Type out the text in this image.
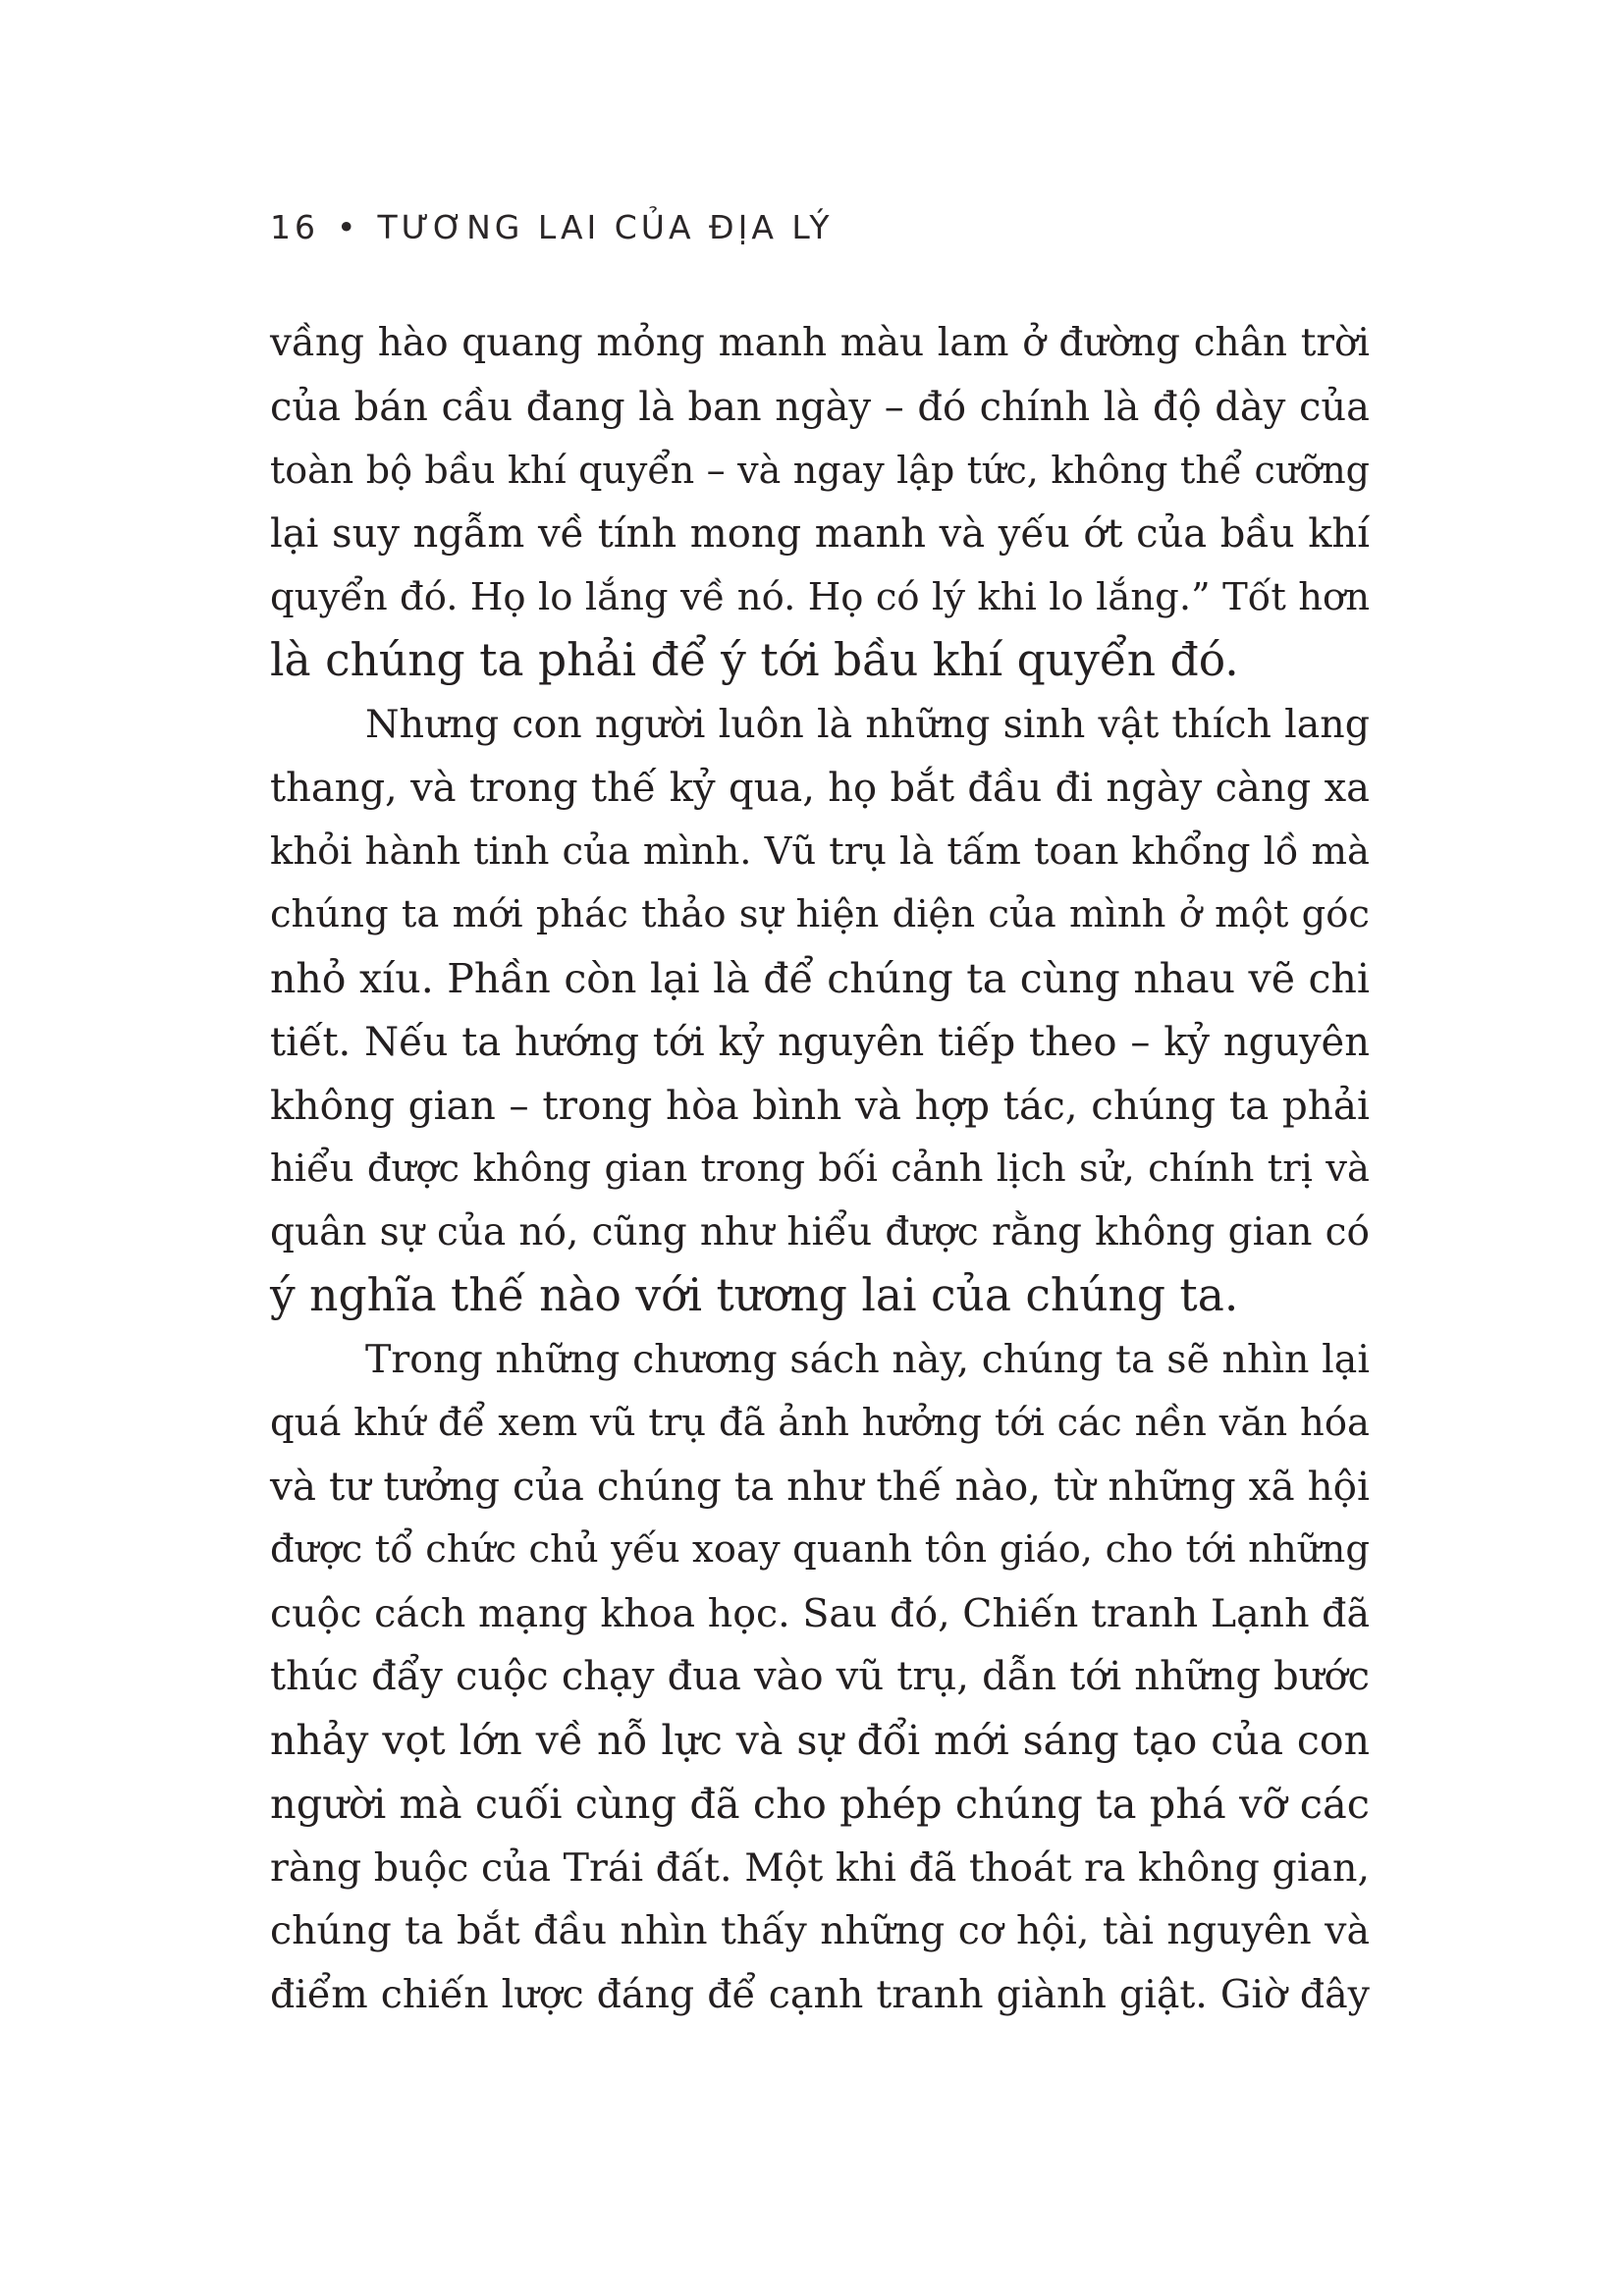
16 • TƯƠNG LAI CỦA ĐỊA LÝ
vầng hào quang mỏng manh màu lam ở đường chân trời
của bán cầu đang là ban ngày – đó chính là độ dày của
toàn bộ bầu khí quyển – và ngay lập tức, không thể cưỡng
lại suy ngẫm về tính mong manh và yếu ớt của bầu khí
quyển đó. Họ lo lắng về nó. Họ có lý khi lo lắng.” Tốt hơn
là chúng ta phải để ý tới bầu khí quyển đó.
Nhưng con người luôn là những sinh vật thích lang
thang, và trong thế kỷ qua, họ bắt đầu đi ngày càng xa
khỏi hành tinh của mình. Vũ trụ là tấm toan khổng lồ mà
chúng ta mới phác thảo sự hiện diện của mình ở một góc
nhỏ xíu. Phần còn lại là để chúng ta cùng nhau vẽ chi
tiết. Nếu ta hướng tới kỷ nguyên tiếp theo – kỷ nguyên
không gian – trong hòa bình và hợp tác, chúng ta phải
hiểu được không gian trong bối cảnh lịch sử, chính trị và
quân sự của nó, cũng như hiểu được rằng không gian có
ý nghĩa thế nào với tương lai của chúng ta.
Trong những chương sách này, chúng ta sẽ nhìn lại
quá khứ để xem vũ trụ đã ảnh hưởng tới các nền văn hóa
và tư tưởng của chúng ta như thế nào, từ những xã hội
được tổ chức chủ yếu xoay quanh tôn giáo, cho tới những
cuộc cách mạng khoa học. Sau đó, Chiến tranh Lạnh đã
thúc đẩy cuộc chạy đua vào vũ trụ, dẫn tới những bước
nhảy vọt lớn về nỗ lực và sự đổi mới sáng tạo của con
người mà cuối cùng đã cho phép chúng ta phá vỡ các
ràng buộc của Trái đất. Một khi đã thoát ra không gian,
chúng ta bắt đầu nhìn thấy những cơ hội, tài nguyên và
điểm chiến lược đáng để cạnh tranh giành giật. Giờ đây
